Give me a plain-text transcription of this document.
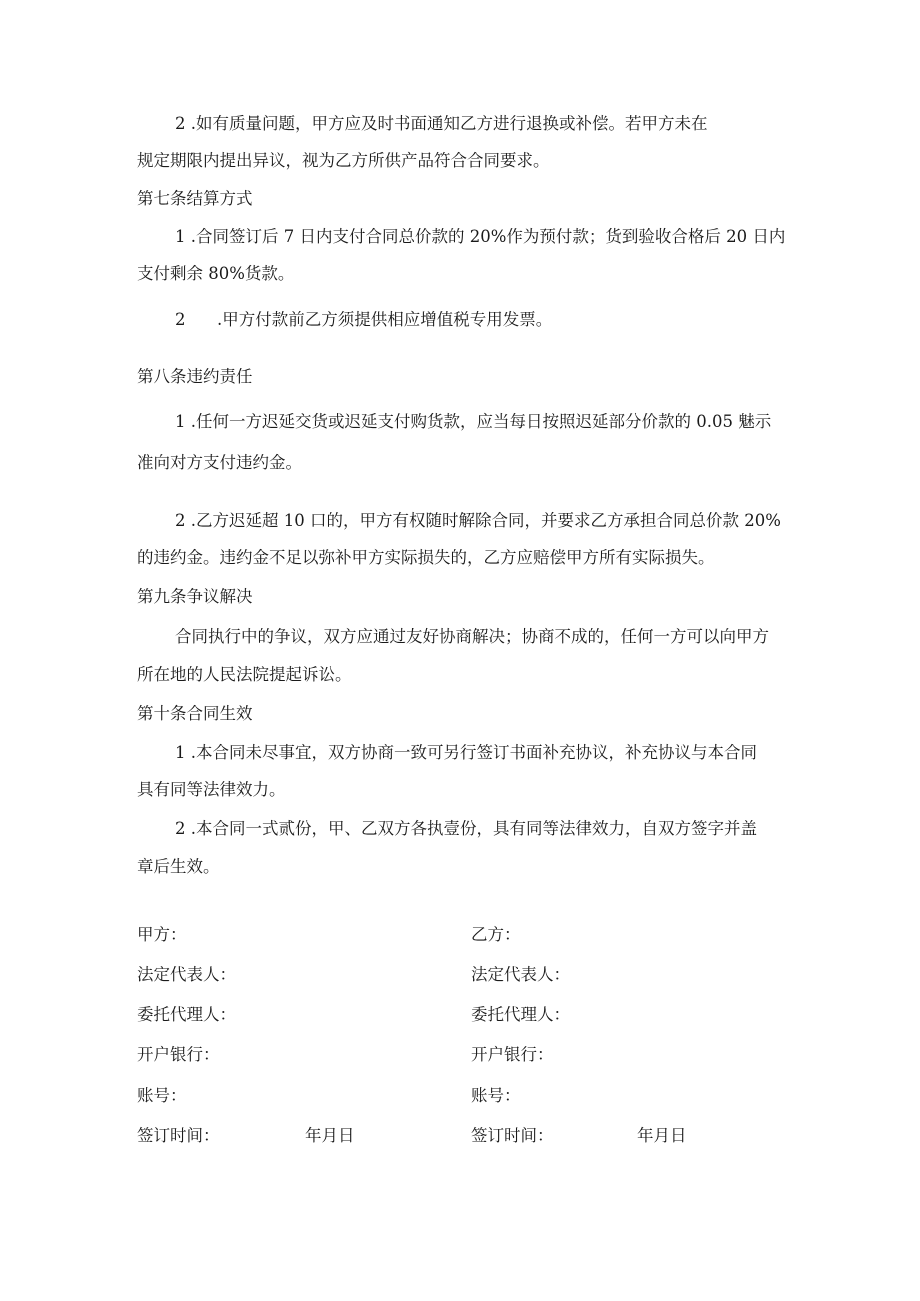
2 .如有质量问题，甲方应及时书面通知乙方进行退换或补偿。若甲方未在
规定期限内提出异议，视为乙方所供产品符合合同要求。
第七条结算方式
1 .合同签订后 7 日内支付合同总价款的 20%作为预付款；货到验收合格后 20 日内
支付剩余 80%货款。
2      .甲方付款前乙方须提供相应增值税专用发票。
第八条违约责任
1 .任何一方迟延交货或迟延支付购货款，应当每日按照迟延部分价款的 0.05 魅示
准向对方支付违约金。
2 .乙方迟延超 10 口的，甲方有权随时解除合同，并要求乙方承担合同总价款 20%
的违约金。违约金不足以弥补甲方实际损失的，乙方应赔偿甲方所有实际损失。
第九条争议解决
合同执行中的争议，双方应通过友好协商解决；协商不成的，任何一方可以向甲方
所在地的人民法院提起诉讼。
第十条合同生效
1 .本合同未尽事宜，双方协商一致可另行签订书面补充协议，补充协议与本合同
具有同等法律效力。
2 .本合同一式贰份，甲、乙双方各执壹份，具有同等法律效力，自双方签字并盖
章后生效。
甲方：
法定代表人：
委托代理人：
开户银行：
账号：
签订时间：	年月日
乙方：
法定代表人：
委托代理人：
开户银行：
账号：
签订时间：	年月日
